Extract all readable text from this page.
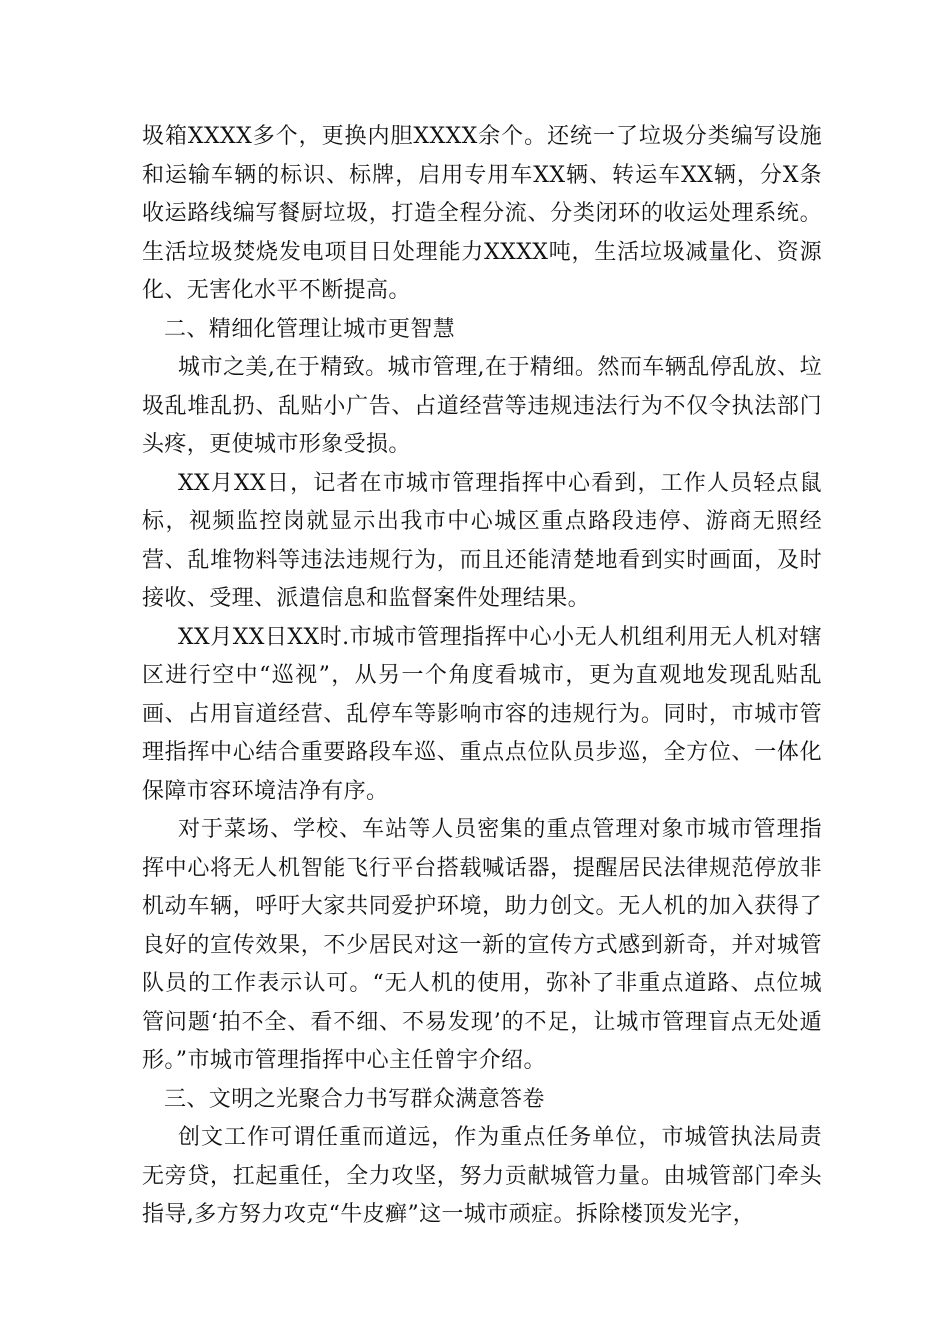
圾箱XXXX多个，更换内胆XXXX余个。还统一了垃圾分类编写设施和运输车辆的标识、标牌，启用专用车XX辆、转运车XX辆，分X条收运路线编写餐厨垃圾，打造全程分流、分类闭环的收运处理系统。生活垃圾焚烧发电项目日处理能力XXXX吨，生活垃圾减量化、资源化、无害化水平不断提高。

二、精细化管理让城市更智慧

城市之美,在于精致。城市管理,在于精细。然而车辆乱停乱放、垃圾乱堆乱扔、乱贴小广告、占道经营等违规违法行为不仅令执法部门头疼，更使城市形象受损。

XX月XX日，记者在市城市管理指挥中心看到，工作人员轻点鼠标，视频监控岗就显示出我市中心城区重点路段违停、游商无照经营、乱堆物料等违法违规行为，而且还能清楚地看到实时画面，及时接收、受理、派遣信息和监督案件处理结果。

XX月XX日XX时.市城市管理指挥中心小无人机组利用无人机对辖区进行空中“巡视”，从另一个角度看城市，更为直观地发现乱贴乱画、占用盲道经营、乱停车等影响市容的违规行为。同时，市城市管理指挥中心结合重要路段车巡、重点点位队员步巡，全方位、一体化保障市容环境洁净有序。

对于菜场、学校、车站等人员密集的重点管理对象市城市管理指挥中心将无人机智能飞行平台搭载喊话器，提醒居民法律规范停放非机动车辆，呼吁大家共同爱护环境，助力创文。无人机的加入获得了良好的宣传效果，不少居民对这一新的宣传方式感到新奇，并对城管队员的工作表示认可。“无人机的使用，弥补了非重点道路、点位城管问题‘拍不全、看不细、不易发现’的不足，让城市管理盲点无处遁形。”市城市管理指挥中心主任曾宇介绍。

三、文明之光聚合力书写群众满意答卷

创文工作可谓任重而道远，作为重点任务单位，市城管执法局责无旁贷，扛起重任，全力攻坚，努力贡献城管力量。由城管部门牵头指导,多方努力攻克“牛皮癣”这一城市顽症。拆除楼顶发光字，
